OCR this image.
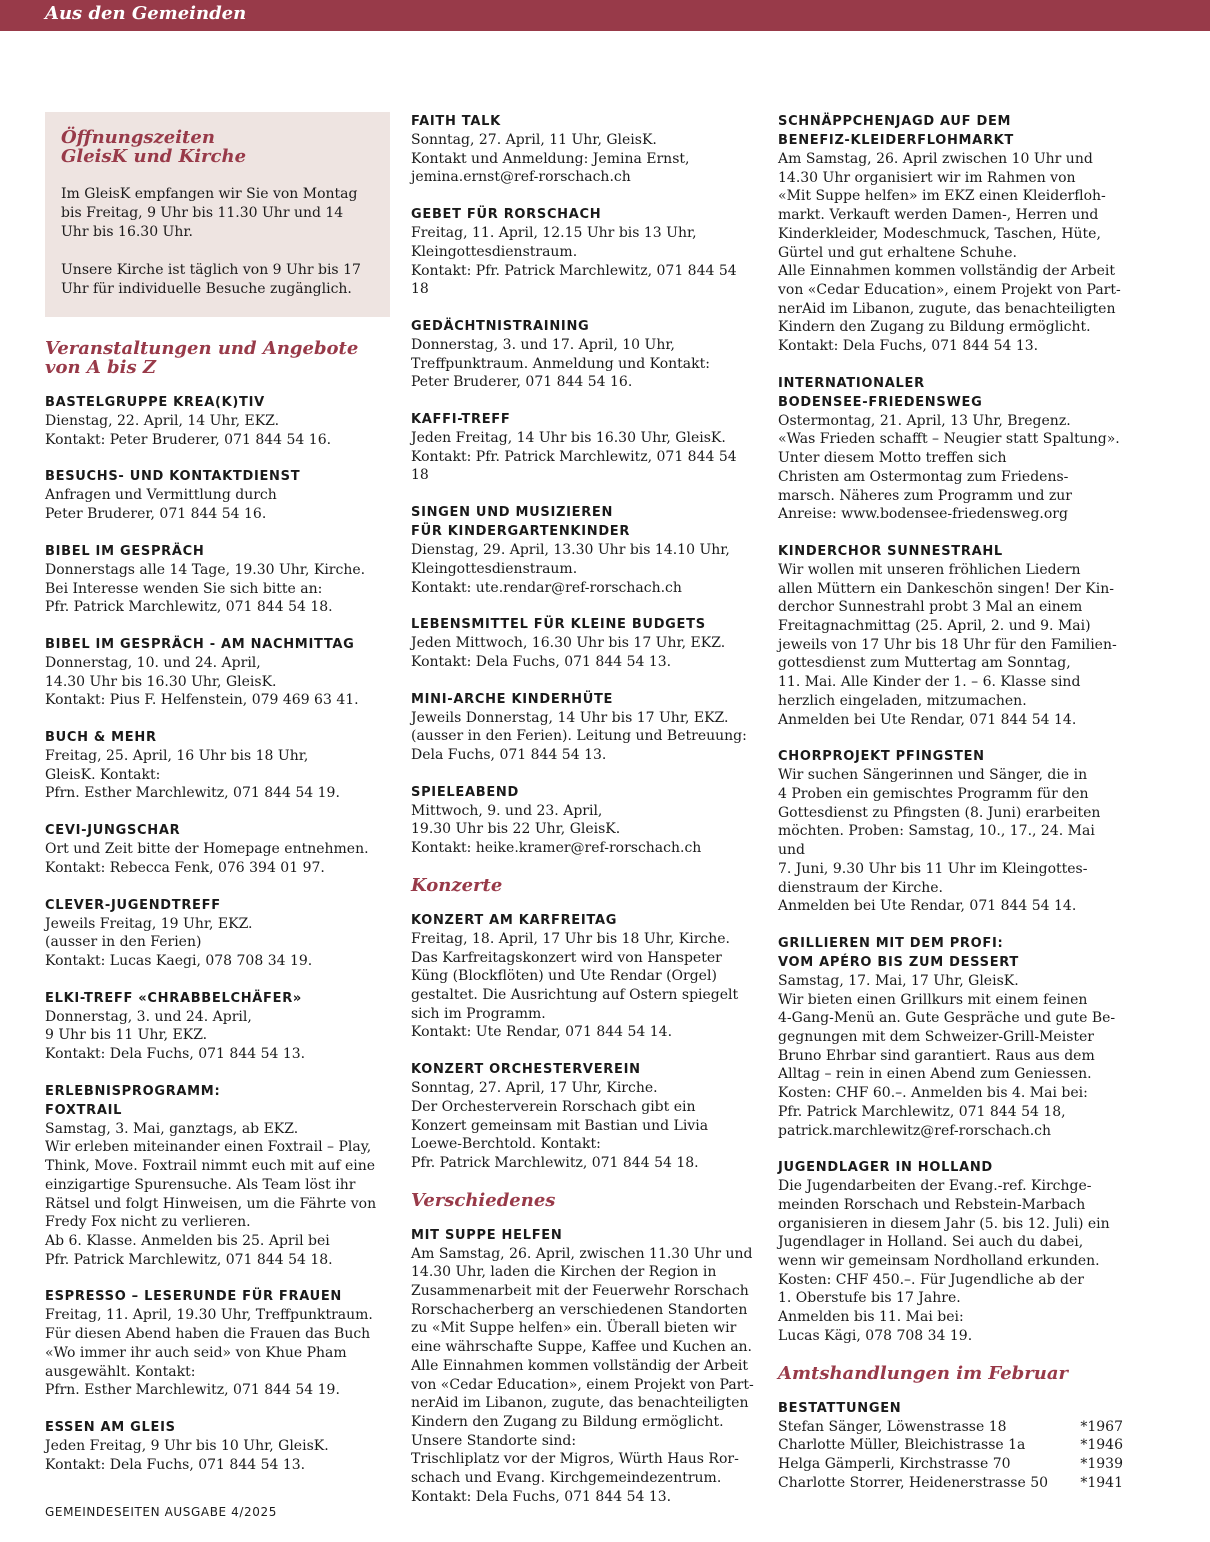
Aus den Gemeinden
Öffnungszeiten
GleisK und Kirche

Im GleisK empfangen wir Sie von Montag bis Freitag, 9 Uhr bis 11.30 Uhr und 14 Uhr bis 16.30 Uhr.

Unsere Kirche ist täglich von 9 Uhr bis 17 Uhr für individuelle Besuche zugänglich.

Veranstaltungen und Angebote
von A bis Z
BASTELGRUPPE KREA(K)TIV

Dienstag, 22. April, 14 Uhr, EKZ.
Kontakt: Peter Bruderer, 071 844 54 16.

BESUCHS- UND KONTAKTDIENST

Anfragen und Vermittlung durch
Peter Bruderer, 071 844 54 16.

BIBEL IM GESPRÄCH

Donnerstags alle 14 Tage, 19.30 Uhr, Kirche.
Bei Interesse wenden Sie sich bitte an:
Pfr. Patrick Marchlewitz, 071 844 54 18.

BIBEL IM GESPRÄCH - AM NACHMITTAG

Donnerstag, 10. und 24. April,
14.30 Uhr bis 16.30 Uhr, GleisK.
Kontakt: Pius F. Helfenstein, 079 469 63 41.

BUCH & MEHR

Freitag, 25. April, 16 Uhr bis 18 Uhr,
GleisK. Kontakt:
Pfrn. Esther Marchlewitz, 071 844 54 19.

CEVI-JUNGSCHAR

Ort und Zeit bitte der Homepage entnehmen.
Kontakt: Rebecca Fenk, 076 394 01 97.

CLEVER-JUGENDTREFF

Jeweils Freitag, 19 Uhr, EKZ.
(ausser in den Ferien)
Kontakt: Lucas Kaegi, 078 708 34 19.

ELKI-TREFF «CHRABBELCHÄFER»

Donnerstag, 3. und 24. April,
9 Uhr bis 11 Uhr, EKZ.
Kontakt: Dela Fuchs, 071 844 54 13.

ERLEBNISPROGRAMM:
FOXTRAIL

Samstag, 3. Mai, ganztags, ab EKZ.
Wir erleben miteinander einen Foxtrail – Play,
Think, Move. Foxtrail nimmt euch mit auf eine
einzigartige Spurensuche. Als Team löst ihr
Rätsel und folgt Hinweisen, um die Fährte von
Fredy Fox nicht zu verlieren.
Ab 6. Klasse. Anmelden bis 25. April bei
Pfr. Patrick Marchlewitz, 071 844 54 18.

ESPRESSO – LESERUNDE FÜR FRAUEN

Freitag, 11. April, 19.30 Uhr, Treffpunktraum.
Für diesen Abend haben die Frauen das Buch
«Wo immer ihr auch seid» von Khue Pham
ausgewählt. Kontakt:
Pfrn. Esther Marchlewitz, 071 844 54 19.

ESSEN AM GLEIS

Jeden Freitag, 9 Uhr bis 10 Uhr, GleisK.
Kontakt: Dela Fuchs, 071 844 54 13.

FAITH TALK

Sonntag, 27. April, 11 Uhr, GleisK.
Kontakt und Anmeldung: Jemina Ernst,
jemina.ernst@ref-rorschach.ch

GEBET FÜR RORSCHACH

Freitag, 11. April, 12.15 Uhr bis 13 Uhr,
Kleingottesdienstraum.
Kontakt: Pfr. Patrick Marchlewitz, 071 844 54 18

GEDÄCHTNISTRAINING

Donnerstag, 3. und 17. April, 10 Uhr,
Treffpunktraum. Anmeldung und Kontakt:
Peter Bruderer, 071 844 54 16.

KAFFI-TREFF

Jeden Freitag, 14 Uhr bis 16.30 Uhr, GleisK.
Kontakt: Pfr. Patrick Marchlewitz, 071 844 54 18

SINGEN UND MUSIZIEREN
FÜR KINDERGARTENKINDER

Dienstag, 29. April, 13.30 Uhr bis 14.10 Uhr,
Kleingottesdienstraum.
Kontakt: ute.rendar@ref-rorschach.ch

LEBENSMITTEL FÜR KLEINE BUDGETS

Jeden Mittwoch, 16.30 Uhr bis 17 Uhr, EKZ.
Kontakt: Dela Fuchs, 071 844 54 13.

MINI-ARCHE KINDERHÜTE

Jeweils Donnerstag, 14 Uhr bis 17 Uhr, EKZ.
(ausser in den Ferien). Leitung und Betreuung:
Dela Fuchs, 071 844 54 13.

SPIELEABEND

Mittwoch, 9. und 23. April,
19.30 Uhr bis 22 Uhr, GleisK.
Kontakt: heike.kramer@ref-rorschach.ch

Konzerte
KONZERT AM KARFREITAG

Freitag, 18. April, 17 Uhr bis 18 Uhr, Kirche.
Das Karfreitagskonzert wird von Hanspeter
Küng (Blockflöten) und Ute Rendar (Orgel)
gestaltet. Die Ausrichtung auf Ostern spiegelt
sich im Programm.
Kontakt: Ute Rendar, 071 844 54 14.

KONZERT ORCHESTERVEREIN

Sonntag, 27. April, 17 Uhr, Kirche.
Der Orchesterverein Rorschach gibt ein
Konzert gemeinsam mit Bastian und Livia
Loewe-Berchtold. Kontakt:
Pfr. Patrick Marchlewitz, 071 844 54 18.

Verschiedenes
MIT SUPPE HELFEN

Am Samstag, 26. April, zwischen 11.30 Uhr und
14.30 Uhr, laden die Kirchen der Region in
Zusammenarbeit mit der Feuerwehr Rorschach
Rorschacherberg an verschiedenen Standorten
zu «Mit Suppe helfen» ein. Überall bieten wir
eine währschafte Suppe, Kaffee und Kuchen an.
Alle Einnahmen kommen vollständig der Arbeit
von «Cedar Education», einem Projekt von Part-
nerAid im Libanon, zugute, das benachteiligten
Kindern den Zugang zu Bildung ermöglicht.
Unsere Standorte sind:
Trischliplatz vor der Migros, Würth Haus Ror-
schach und Evang. Kirchgemeindezentrum.
Kontakt: Dela Fuchs, 071 844 54 13.

SCHNÄPPCHENJAGD AUF DEM
BENEFIZ-KLEIDERFLOHMARKT

Am Samstag, 26. April zwischen 10 Uhr und
14.30 Uhr organisiert wir im Rahmen von
«Mit Suppe helfen» im EKZ einen Kleiderfloh-
markt. Verkauft werden Damen-, Herren und
Kinderkleider, Modeschmuck, Taschen, Hüte,
Gürtel und gut erhaltene Schuhe.
Alle Einnahmen kommen vollständig der Arbeit
von «Cedar Education», einem Projekt von Part-
nerAid im Libanon, zugute, das benachteiligten
Kindern den Zugang zu Bildung ermöglicht.
Kontakt: Dela Fuchs, 071 844 54 13.

INTERNATIONALER
BODENSEE-FRIEDENSWEG

Ostermontag, 21. April, 13 Uhr, Bregenz.
«Was Frieden schafft – Neugier statt Spaltung».
Unter diesem Motto treffen sich
Christen am Ostermontag zum Friedens-
marsch. Näheres zum Programm und zur
Anreise: www.bodensee-friedensweg.org

KINDERCHOR SUNNESTRAHL

Wir wollen mit unseren fröhlichen Liedern
allen Müttern ein Dankeschön singen! Der Kin-
derchor Sunnestrahl probt 3 Mal an einem
Freitagnachmittag (25. April, 2. und 9. Mai)
jeweils von 17 Uhr bis 18 Uhr für den Familien-
gottesdienst zum Muttertag am Sonntag,
11. Mai. Alle Kinder der 1. – 6. Klasse sind
herzlich eingeladen, mitzumachen.
Anmelden bei Ute Rendar, 071 844 54 14.

CHORPROJEKT PFINGSTEN

Wir suchen Sängerinnen und Sänger, die in
4 Proben ein gemischtes Programm für den
Gottesdienst zu Pfingsten (8. Juni) erarbeiten
möchten. Proben: Samstag, 10., 17., 24. Mai und
7. Juni, 9.30 Uhr bis 11 Uhr im Kleingottes-
dienstraum der Kirche.
Anmelden bei Ute Rendar, 071 844 54 14.

GRILLIEREN MIT DEM PROFI:
VOM APÉRO BIS ZUM DESSERT

Samstag, 17. Mai, 17 Uhr, GleisK.
Wir bieten einen Grillkurs mit einem feinen
4-Gang-Menü an. Gute Gespräche und gute Be-
gegnungen mit dem Schweizer-Grill-Meister
Bruno Ehrbar sind garantiert. Raus aus dem
Alltag – rein in einen Abend zum Geniessen.
Kosten: CHF 60.–. Anmelden bis 4. Mai bei:
Pfr. Patrick Marchlewitz, 071 844 54 18,
patrick.marchlewitz@ref-rorschach.ch

JUGENDLAGER IN HOLLAND

Die Jugendarbeiten der Evang.-ref. Kirchge-
meinden Rorschach und Rebstein-Marbach
organisieren in diesem Jahr (5. bis 12. Juli) ein
Jugendlager in Holland. Sei auch du dabei,
wenn wir gemeinsam Nordholland erkunden.
Kosten: CHF 450.–. Für Jugendliche ab der
1. Oberstufe bis 17 Jahre.
Anmelden bis 11. Mai bei:
Lucas Kägi, 078 708 34 19.

Amtshandlungen im Februar
BESTATTUNGEN
Stefan Sänger, Löwenstrasse 18	*1967
Charlotte Müller, Bleichistrasse 1a	*1946
Helga Gämperli, Kirchstrasse 70	*1939
Charlotte Storrer, Heidenerstrasse 50	*1941
GEMEINDESEITEN AUSGABE 4/2025
